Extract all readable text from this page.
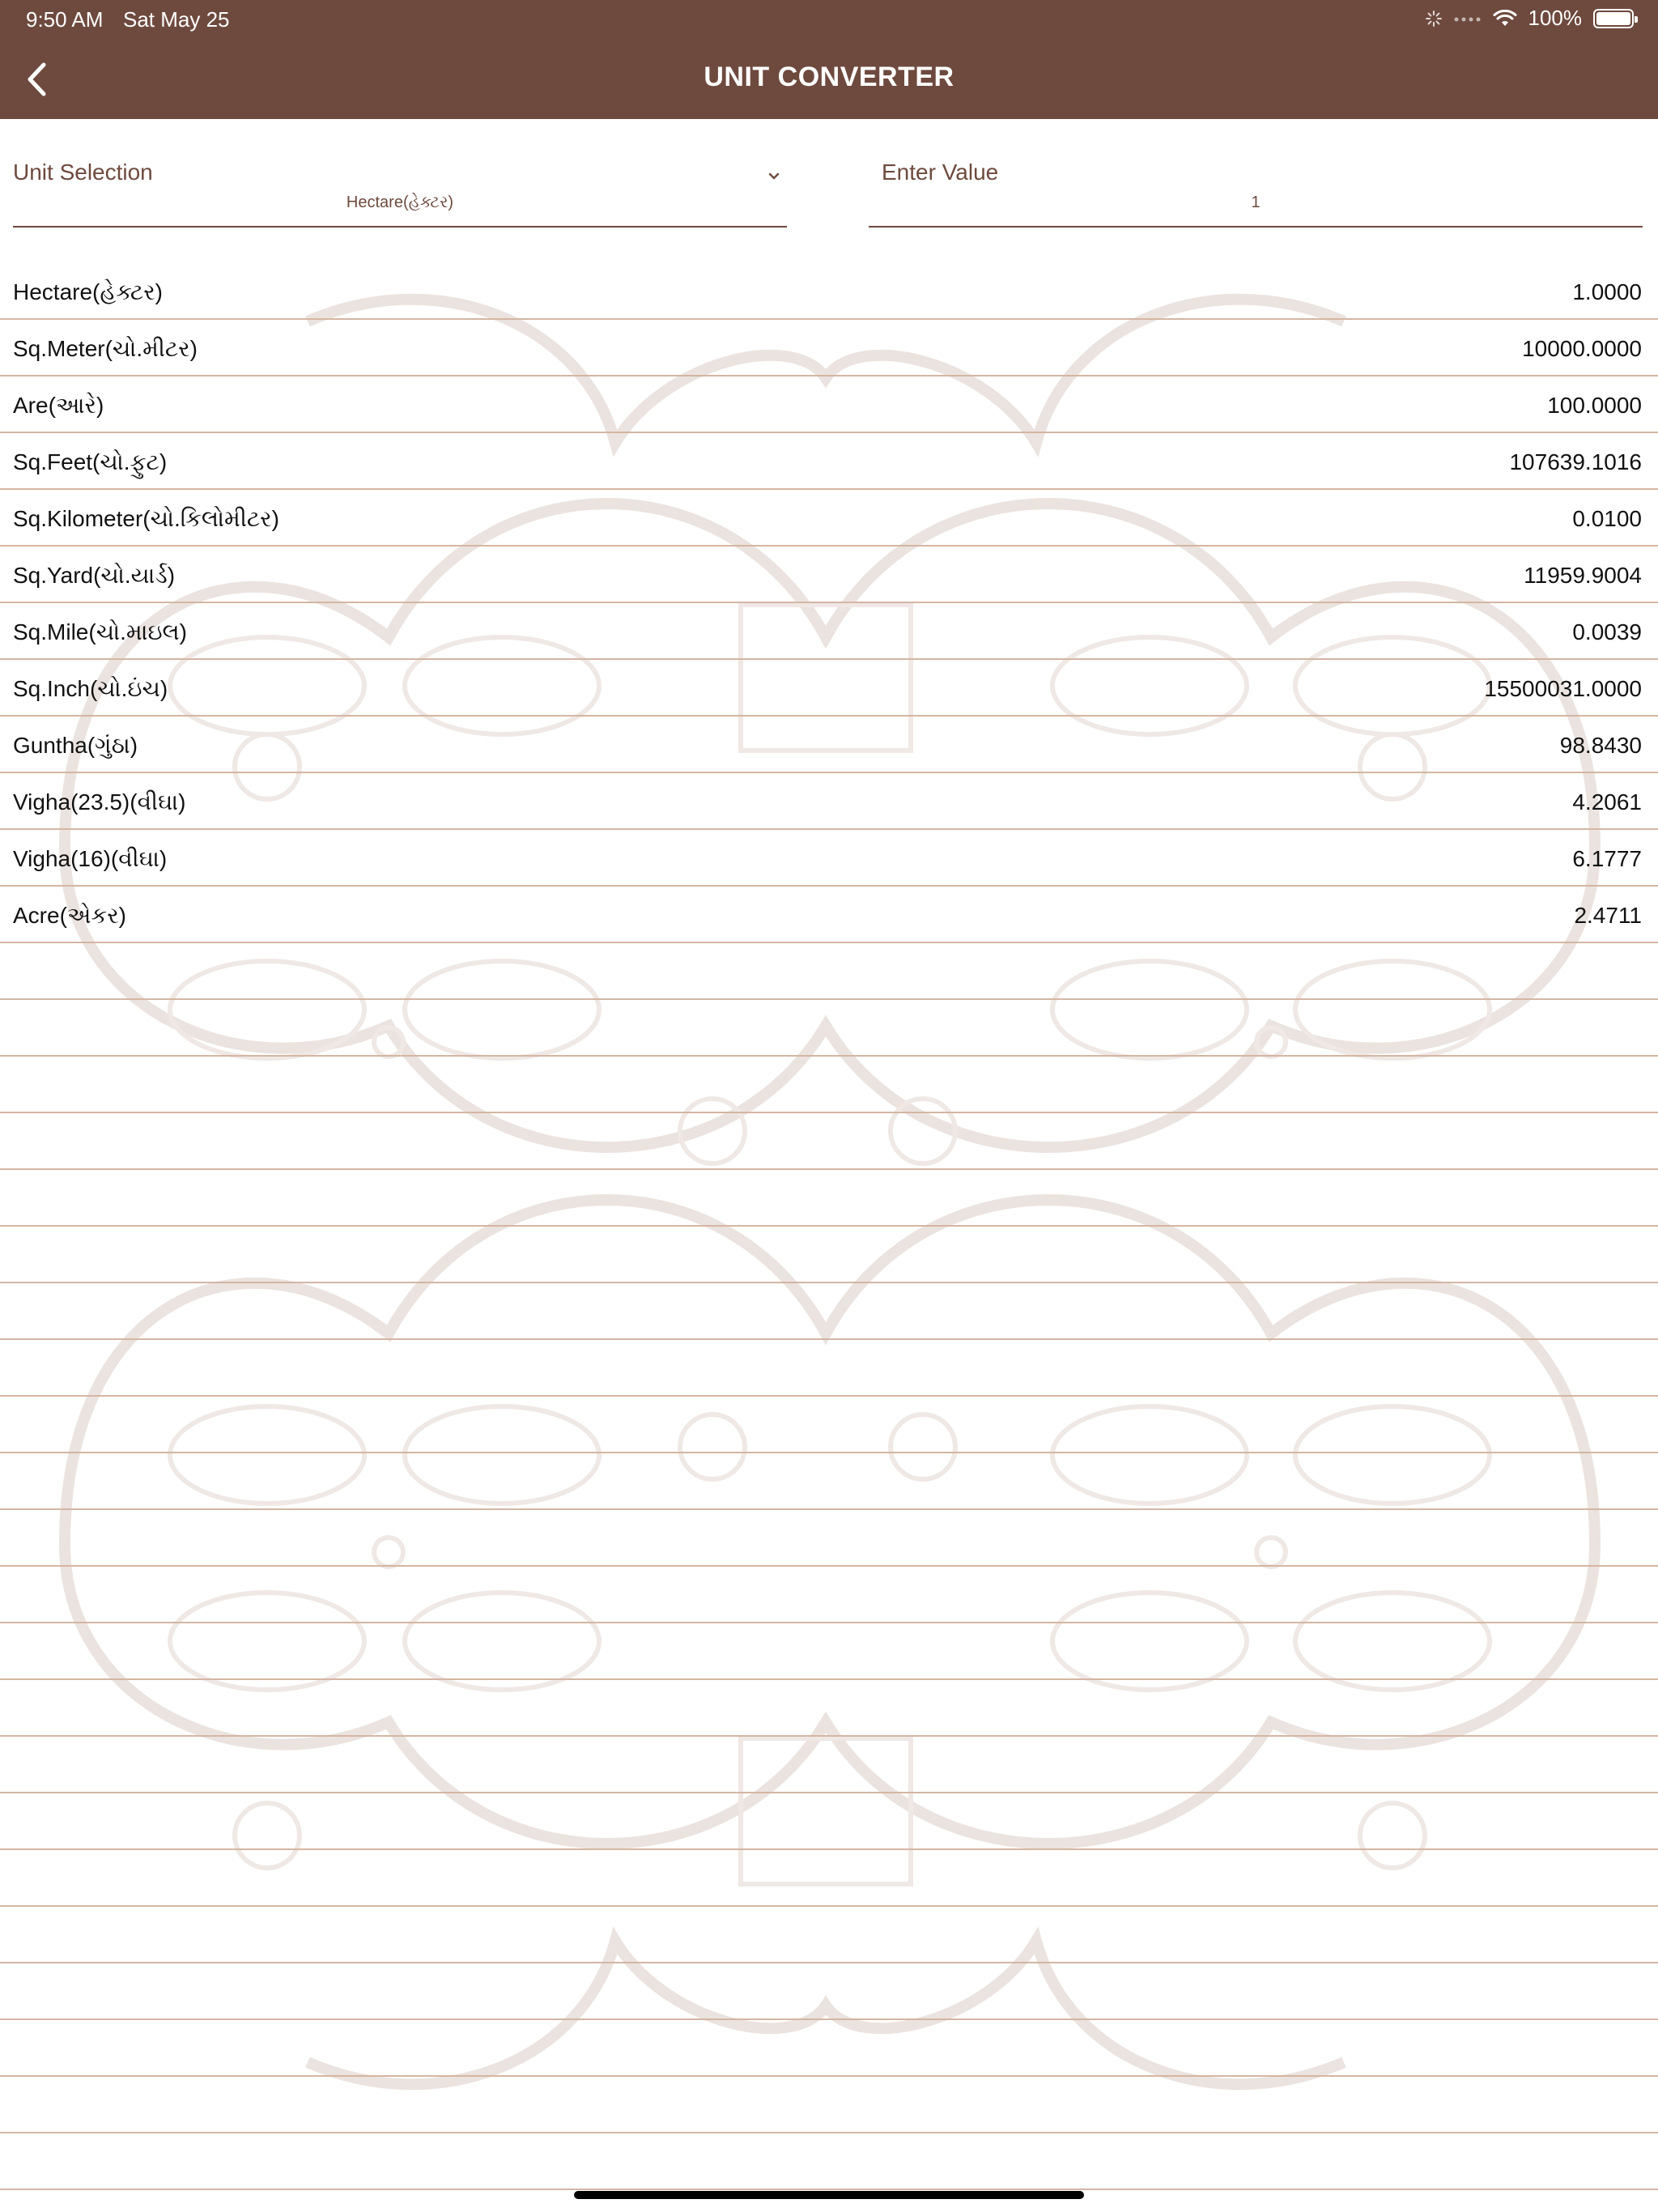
9:50 AM Sat May 25	100%
UNIT CONVERTER
Unit Selection
Hectare(હેક્ટર)
Enter Value
1
Hectare(હેક્ટર)	1.0000
Sq.Meter(ચો.મીટર)	10000.0000
Are(આરે)	100.0000
Sq.Feet(ચો.ફુટ)	107639.1016
Sq.Kilometer(ચો.કિલોમીટર)	0.0100
Sq.Yard(ચો.યાર્ડ)	11959.9004
Sq.Mile(ચો.માઇલ)	0.0039
Sq.Inch(ચો.ઇંચ)	15500031.0000
Guntha(ગુંઠા)	98.8430
Vigha(23.5)(વીઘા)	4.2061
Vigha(16)(વીઘા)	6.1777
Acre(એકર)	2.4711
